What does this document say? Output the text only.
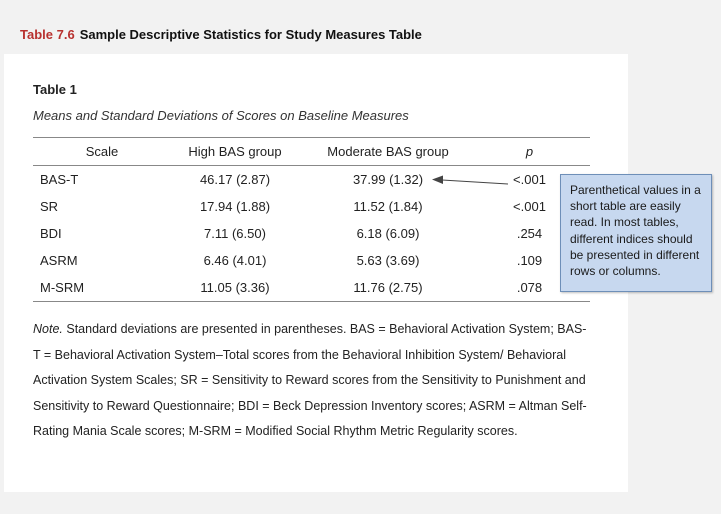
Table 7.6 Sample Descriptive Statistics for Study Measures Table
Table 1
Means and Standard Deviations of Scores on Baseline Measures
Scale	High BAS group	Moderate BAS group	p
BAS-T	46.17 (2.87)	37.99 (1.32)	<.001
SR	17.94 (1.88)	11.52 (1.84)	<.001
BDI	7.11 (6.50)	6.18 (6.09)	.254
ASRM	6.46 (4.01)	5.63 (3.69)	.109
M-SRM	11.05 (3.36)	11.76 (2.75)	.078
Note. Standard deviations are presented in parentheses. BAS = Behavioral Activation System; BAS-T = Behavioral Activation System–Total scores from the Behavioral Inhibition System/ Behavioral Activation System Scales; SR = Sensitivity to Reward scores from the Sensitivity to Punishment and Sensitivity to Reward Questionnaire; BDI = Beck Depression Inventory scores; ASRM = Altman Self-Rating Mania Scale scores; M-SRM = Modified Social Rhythm Metric Regularity scores.
Parenthetical values in a short table are easily read. In most tables, different indices should be presented in different rows or columns.
